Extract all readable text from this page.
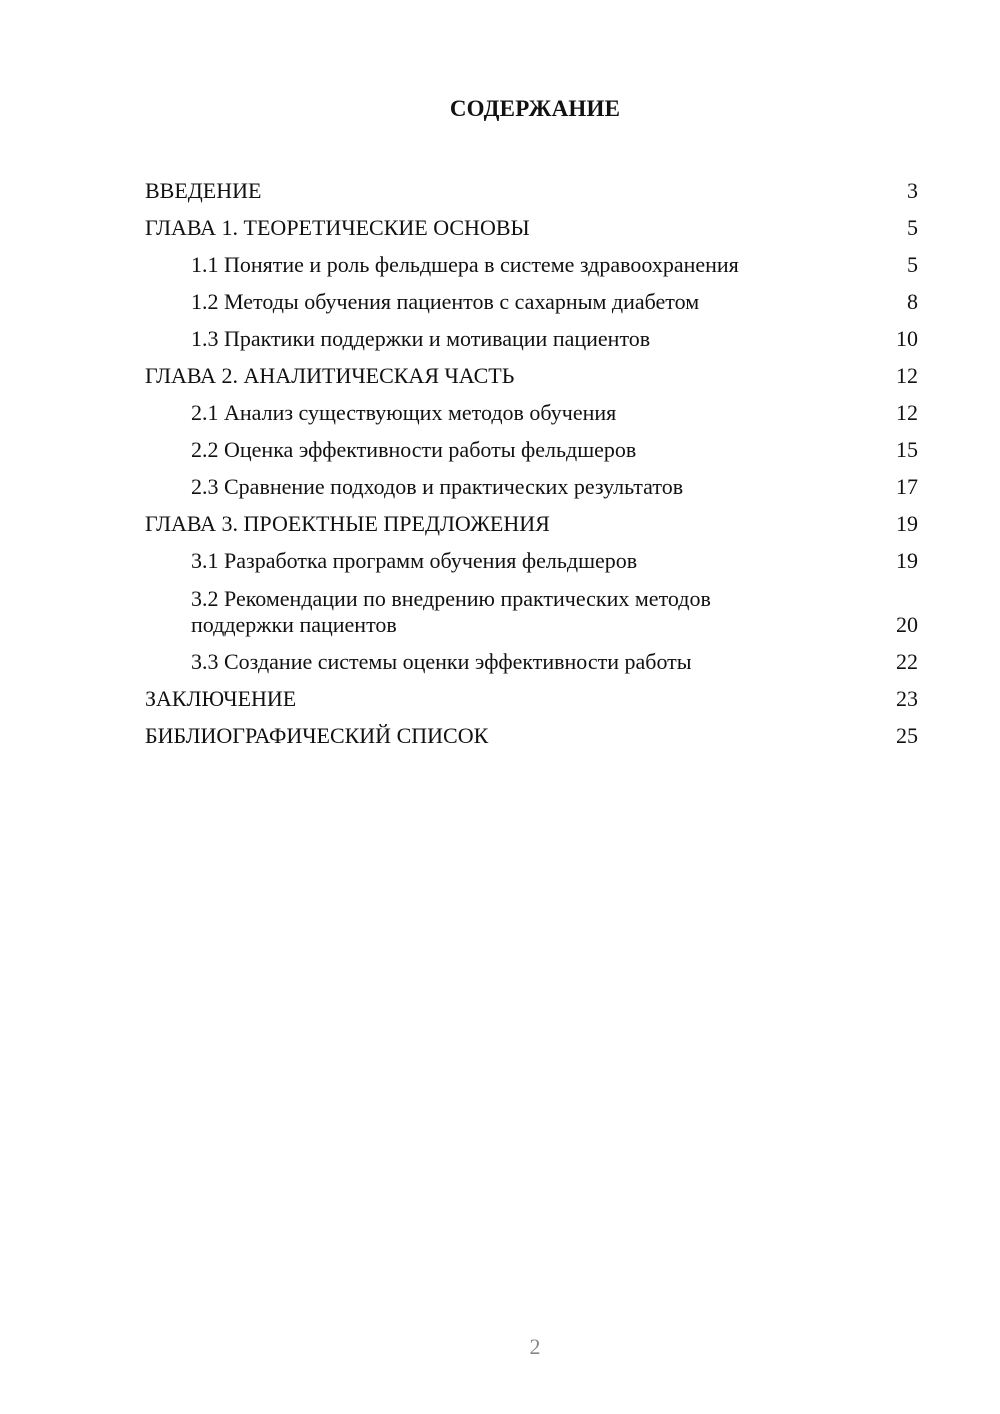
СОДЕРЖАНИЕ
ВВЕДЕНИЕ	3
ГЛАВА 1. ТЕОРЕТИЧЕСКИЕ ОСНОВЫ	5
1.1 Понятие и роль фельдшера в системе здравоохранения	5
1.2 Методы обучения пациентов с сахарным диабетом	8
1.3 Практики поддержки и мотивации пациентов	10
ГЛАВА 2. АНАЛИТИЧЕСКАЯ ЧАСТЬ	12
2.1 Анализ существующих методов обучения	12
2.2 Оценка эффективности работы фельдшеров	15
2.3 Сравнение подходов и практических результатов	17
ГЛАВА 3. ПРОЕКТНЫЕ ПРЕДЛОЖЕНИЯ	19
3.1 Разработка программ обучения фельдшеров	19
3.2 Рекомендации по внедрению практических методов поддержки пациентов	20
3.3 Создание системы оценки эффективности работы	22
ЗАКЛЮЧЕНИЕ	23
БИБЛИОГРАФИЧЕСКИЙ СПИСОК	25
2
